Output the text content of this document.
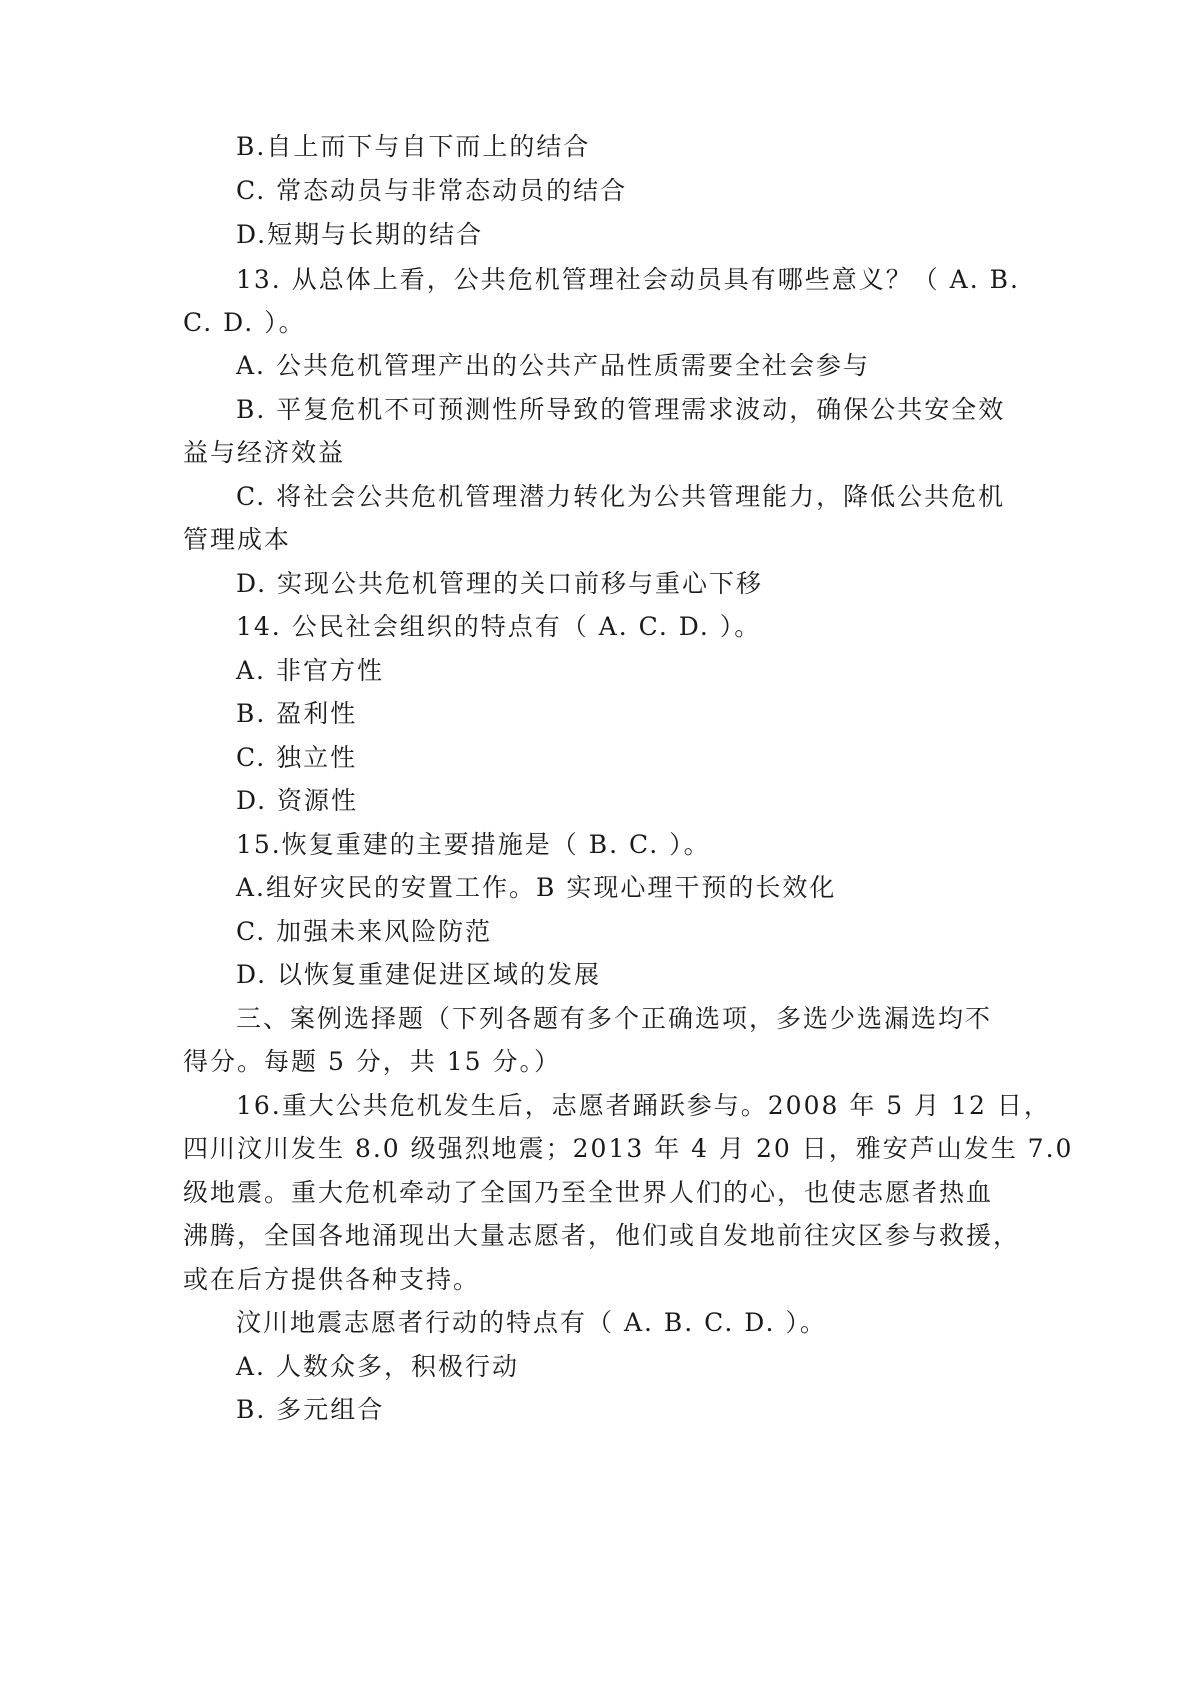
B.自上而下与自下而上的结合
C. 常态动员与非常态动员的结合
D.短期与长期的结合
13. 从总体上看，公共危机管理社会动员具有哪些意义？（ A. B.
C. D. ）。
A. 公共危机管理产出的公共产品性质需要全社会参与
B. 平复危机不可预测性所导致的管理需求波动，确保公共安全效
益与经济效益
C. 将社会公共危机管理潜力转化为公共管理能力，降低公共危机
管理成本
D. 实现公共危机管理的关口前移与重心下移
14. 公民社会组织的特点有（ A. C. D. ）。
A. 非官方性
B. 盈利性
C. 独立性
D. 资源性
15.恢复重建的主要措施是（ B. C. ）。
A.组好灾民的安置工作。B 实现心理干预的长效化
C. 加强未来风险防范
D. 以恢复重建促进区域的发展
三、案例选择题（下列各题有多个正确选项，多选少选漏选均不
得分。每题 5 分，共 15 分。）
16.重大公共危机发生后，志愿者踊跃参与。2008 年 5 月 12 日，
四川汶川发生 8.0 级强烈地震；2013 年 4 月 20 日，雅安芦山发生 7.0
级地震。重大危机牵动了全国乃至全世界人们的心，也使志愿者热血
沸腾，全国各地涌现出大量志愿者，他们或自发地前往灾区参与救援，
或在后方提供各种支持。
汶川地震志愿者行动的特点有（ A. B. C. D. ）。
A. 人数众多，积极行动
B. 多元组合
